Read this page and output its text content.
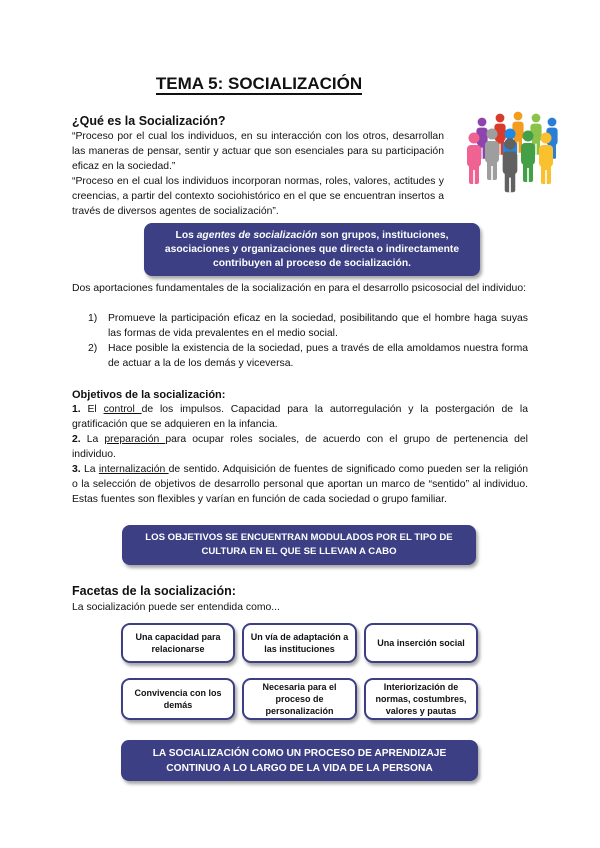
TEMA 5: SOCIALIZACIÓN
¿Qué es la Socialización?

“Proceso por el cual los individuos, en su interacción con los otros, desarrollan las maneras de pensar, sentir y actuar que son esenciales para su participación eficaz en la sociedad.”

“Proceso en el cual los individuos incorporan normas, roles, valores, actitudes y creencias, a partir del contexto sociohistórico en el que se encuentran insertos a través de diversos agentes de socialización”.

Los agentes de socialización son grupos, instituciones, asociaciones y organizaciones que directa o indirectamente contribuyen al proceso de socialización.
Dos aportaciones fundamentales de la socialización en para el desarrollo psicosocial del individuo:
1) Promueve la participación eficaz en la sociedad, posibilitando que el hombre haga suyas las formas de vida prevalentes en el medio social.
2) Hace posible la existencia de la sociedad, pues a través de ella amoldamos nuestra forma de actuar a la de los demás y viceversa.
Objetivos de la socialización:

1. El control de los impulsos. Capacidad para la autorregulación y la postergación de la gratificación que se adquieren en la infancia.

2. La preparación para ocupar roles sociales, de acuerdo con el grupo de pertenencia del individuo.

3. La internalización de sentido. Adquisición de fuentes de significado como pueden ser la religión o la selección de objetivos de desarrollo personal que aportan un marco de “sentido” al individuo. Estas fuentes son flexibles y varían en función de cada sociedad o grupo familiar.

LOS OBJETIVOS SE ENCUENTRAN MODULADOS POR EL TIPO DE CULTURA EN EL QUE SE LLEVAN A CABO
Facetas de la socialización:
La socialización puede ser entendida como...
Una capacidad para relacionarse
Un vía de adaptación a las instituciones
Una inserción social
Convivencia con los demás
Necesaria para el proceso de personalización
Interiorización de normas, costumbres, valores y pautas
LA SOCIALIZACIÓN COMO UN PROCESO DE APRENDIZAJE CONTINUO A LO LARGO DE LA VIDA DE LA PERSONA
